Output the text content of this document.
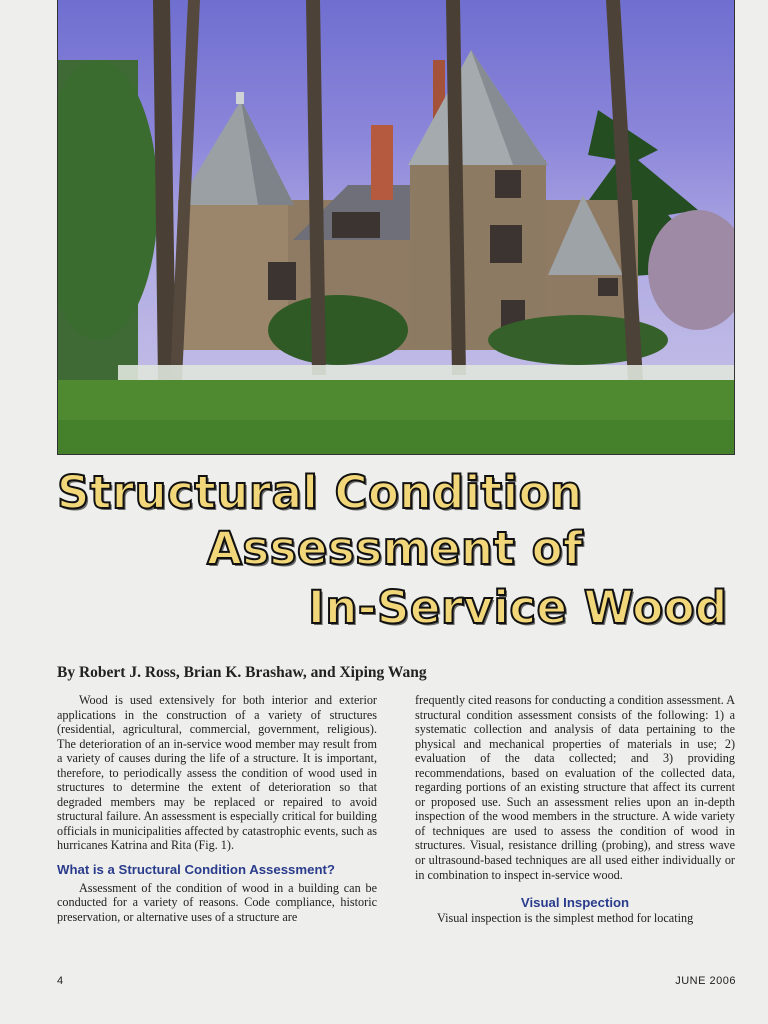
Structural Condition
Assessment of
In-Service Wood
By Robert J. Ross, Brian K. Brashaw, and Xiping Wang

Wood is used extensively for both interior and exterior applications in the construction of a variety of structures (residential, agricultural, commercial, government, religious). The deterioration of an in-service wood member may result from a variety of causes during the life of a structure. It is important, therefore, to periodically assess the condition of wood used in structures to determine the extent of deterioration so that degraded members may be replaced or repaired to avoid structural failure. An assessment is especially critical for building officials in municipalities affected by catastrophic events, such as hurricanes Katrina and Rita (Fig. 1).

What is a Structural Condition Assessment?

Assessment of the condition of wood in a building can be conducted for a variety of reasons. Code compliance, historic preservation, or alternative uses of a structure are

frequently cited reasons for conducting a condition assessment. A structural condition assessment consists of the following: 1) a systematic collection and analysis of data pertaining to the physical and mechanical properties of materials in use; 2) evaluation of the data collected; and 3) providing recommendations, based on evaluation of the collected data, regarding portions of an existing structure that affect its current or proposed use. Such an assessment relies upon an in-depth inspection of the wood members in the structure. A wide variety of techniques are used to assess the condition of wood in structures. Visual, resistance drilling (probing), and stress wave or ultrasound-based techniques are all used either individually or in combination to inspect in-service wood.

Visual Inspection

Visual inspection is the simplest method for locating

4	JUNE 2006
